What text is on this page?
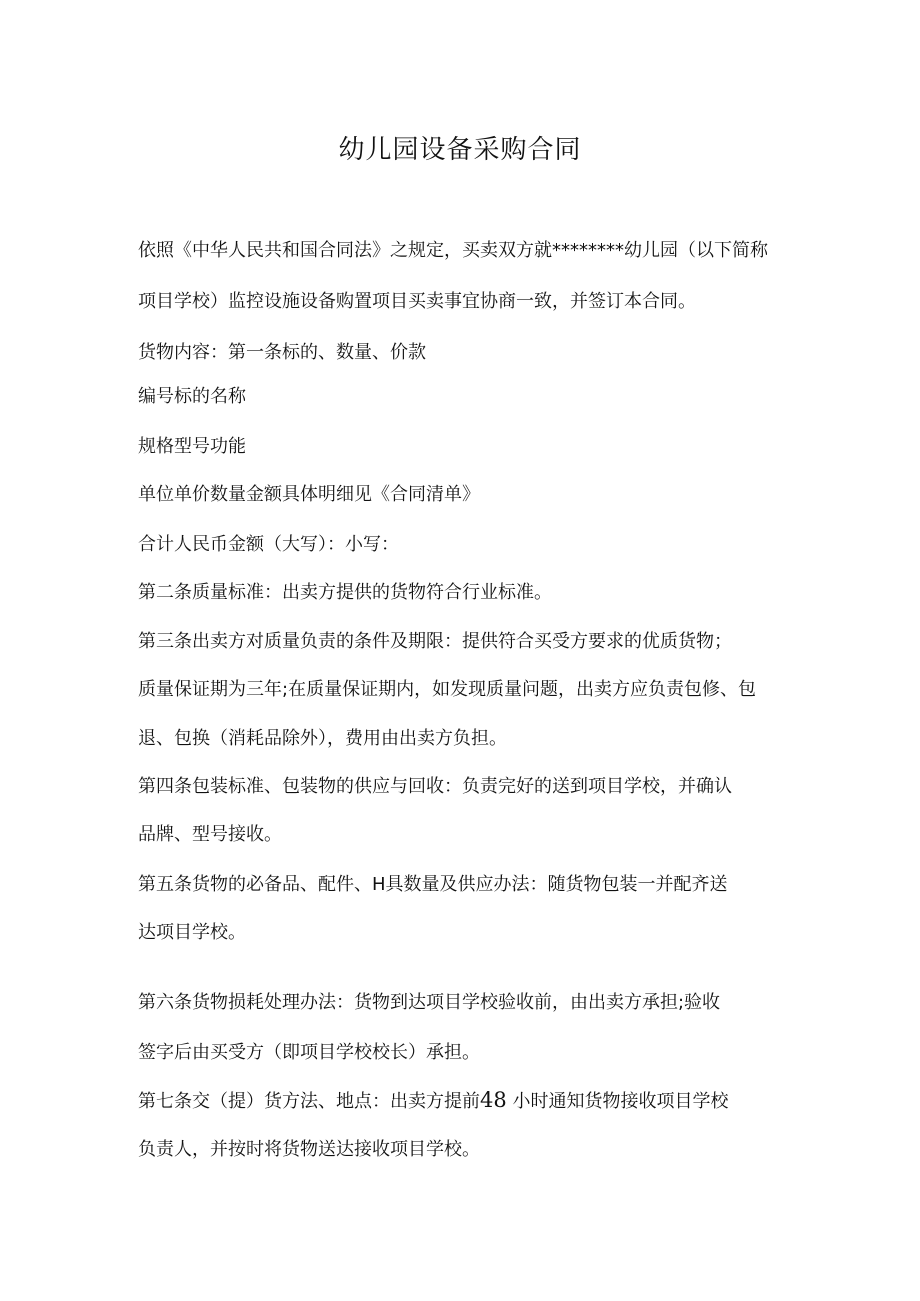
幼儿园设备采购合同
依照《中华人民共和国合同法》之规定，买卖双方就********幼儿园（以下简称
项目学校）监控设施设备购置项目买卖事宜协商一致，并签订本合同。
货物内容：第一条标的、数量、价款
编号标的名称
规格型号功能
单位单价数量金额具体明细见《合同清单》
合计人民币金额（大写）：小写：
第二条质量标准：出卖方提供的货物符合行业标准。
第三条出卖方对质量负责的条件及期限：提供符合买受方要求的优质货物；
质量保证期为三年;在质量保证期内，如发现质量问题，出卖方应负责包修、包
退、包换（消耗品除外），费用由出卖方负担。
第四条包装标准、包装物的供应与回收：负责完好的送到项目学校，并确认
品牌、型号接收。
第五条货物的必备品、配件、H具数量及供应办法：随货物包装一并配齐送
达项目学校。
第六条货物损耗处理办法：货物到达项目学校验收前，由出卖方承担;验收
签字后由买受方（即项目学校校长）承担。
第七条交（提）货方法、地点：出卖方提前48 小时通知货物接收项目学校
负责人，并按时将货物送达接收项目学校。
